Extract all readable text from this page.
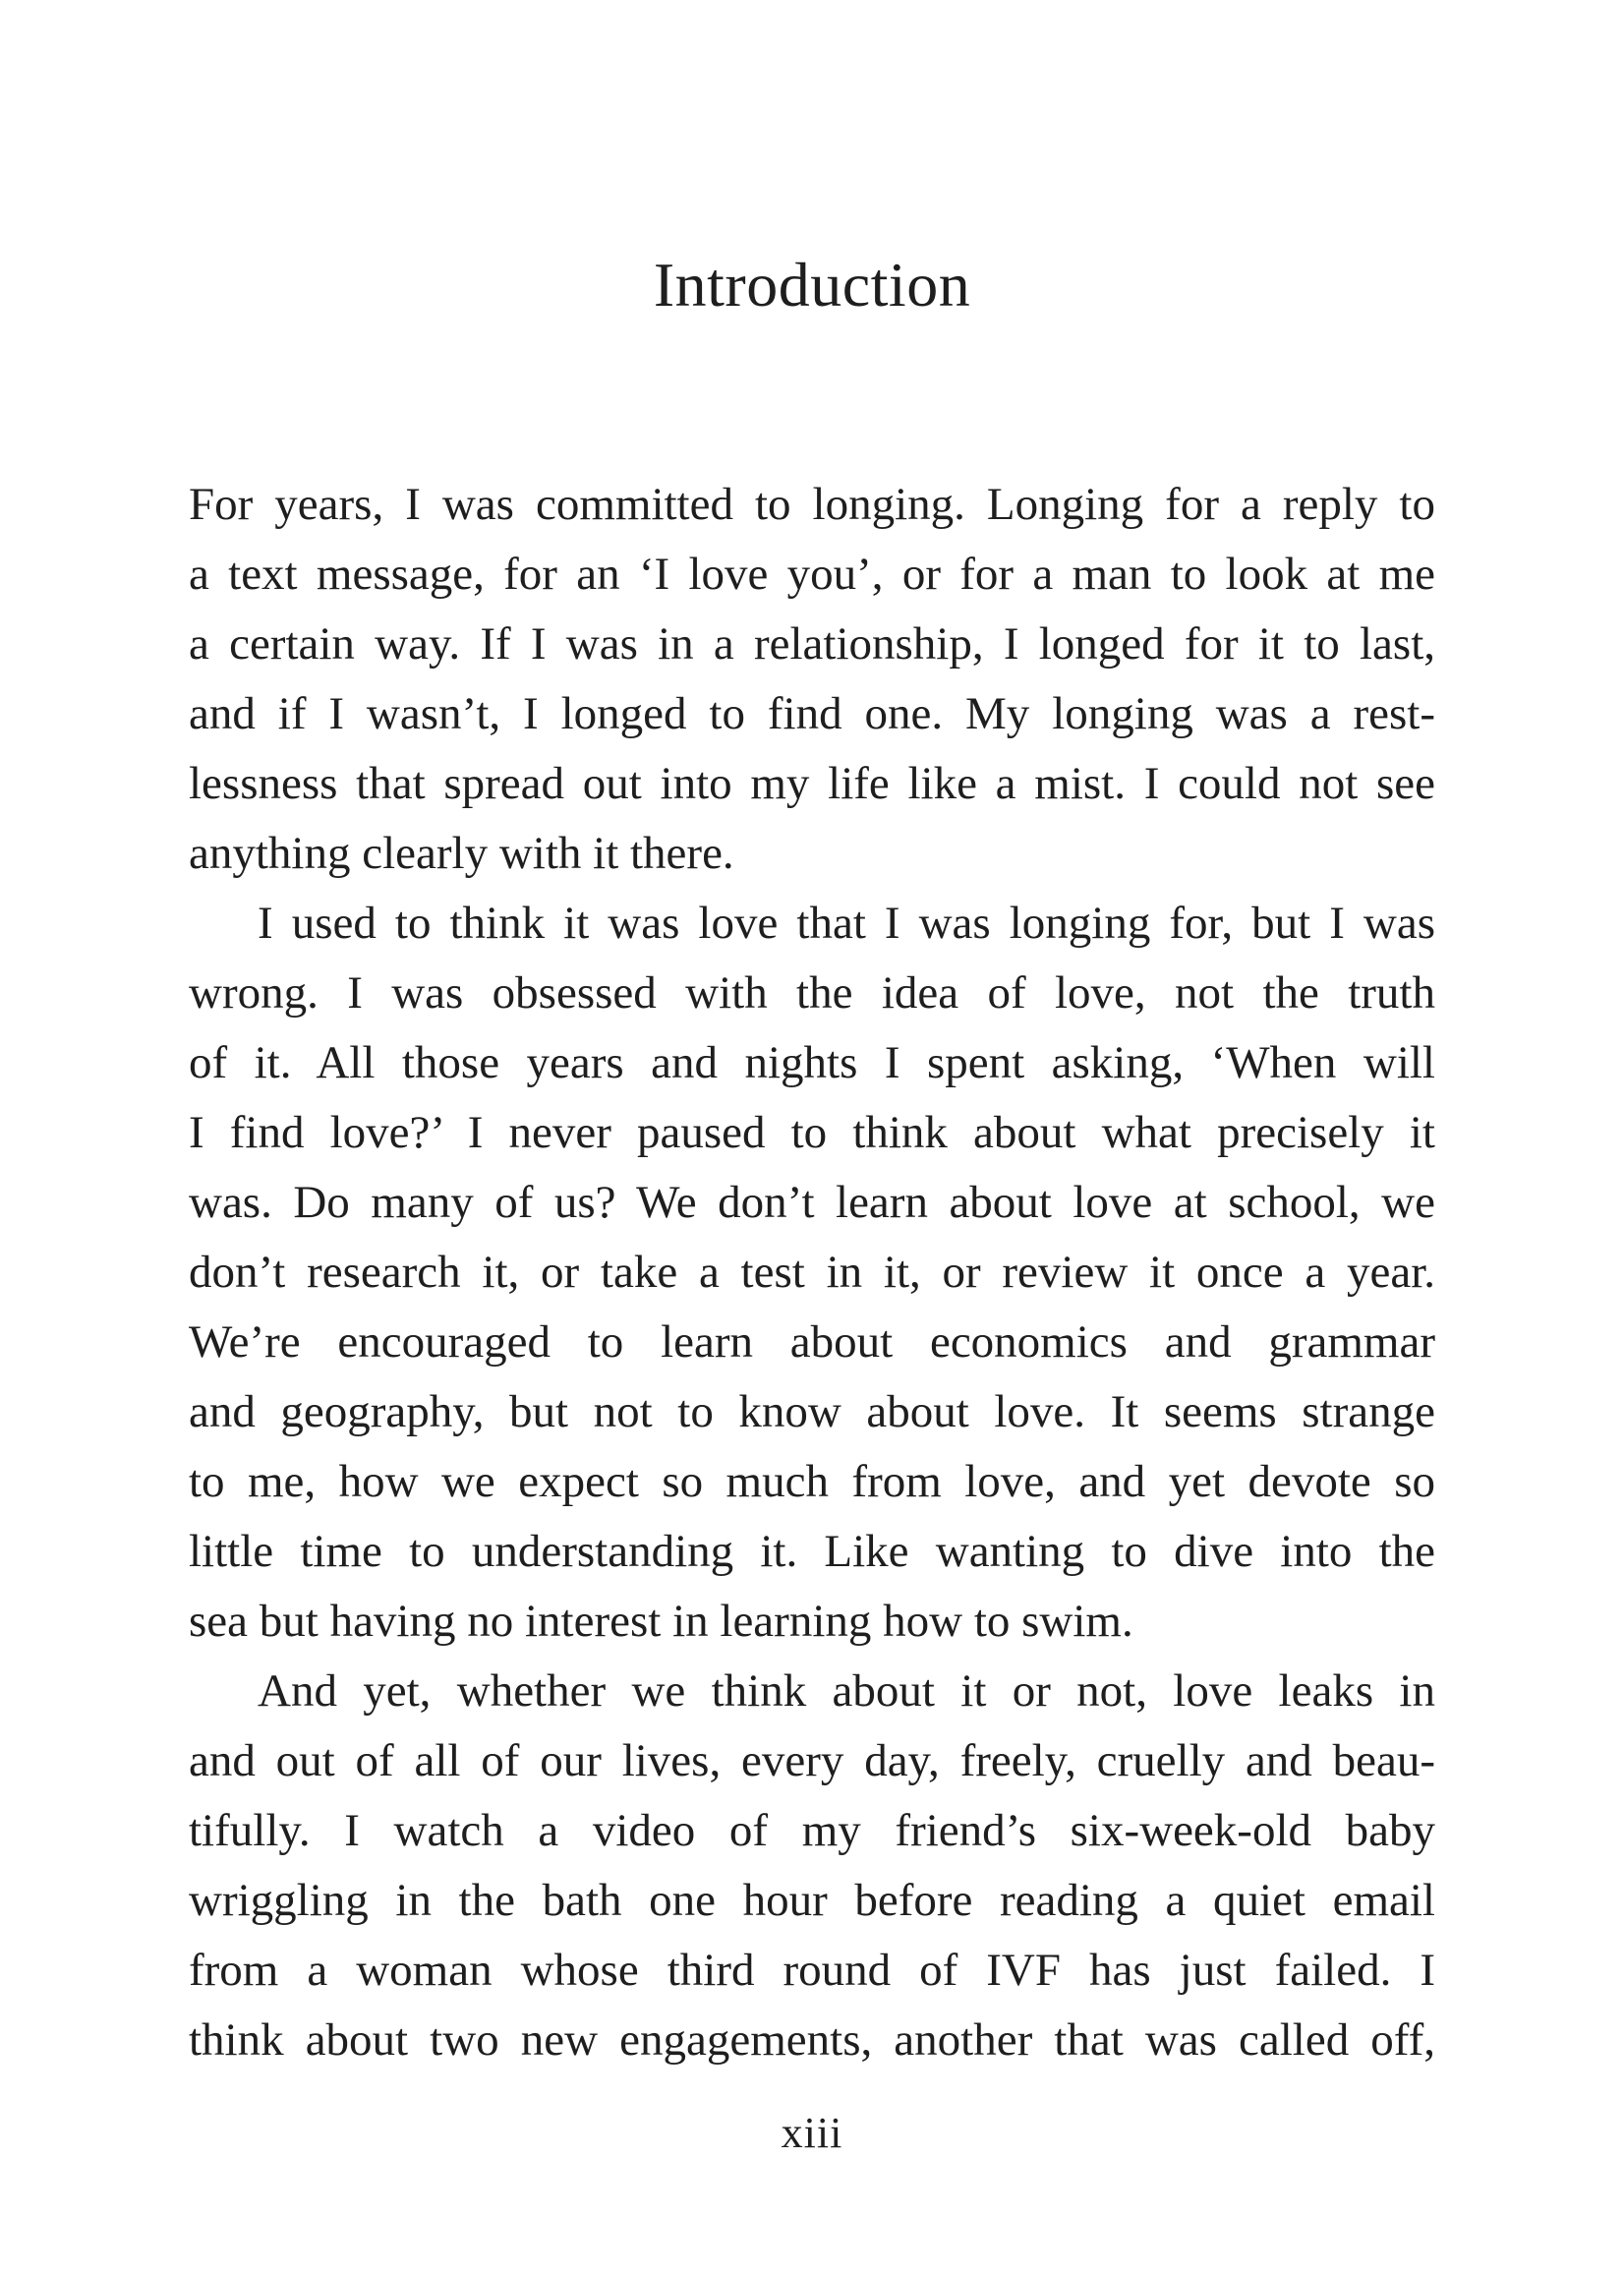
Introduction
For years, I was committed to longing. Longing for a reply to
a text message, for an ‘I love you’, or for a man to look at me
a certain way. If I was in a relationship, I longed for it to last,
and if I wasn’t, I longed to find one. My longing was a rest-
lessness that spread out into my life like a mist. I could not see
anything clearly with it there.
I used to think it was love that I was longing for, but I was
wrong. I was obsessed with the idea of love, not the truth
of it. All those years and nights I spent asking, ‘When will
I find love?’ I never paused to think about what precisely it
was. Do many of us? We don’t learn about love at school, we
don’t research it, or take a test in it, or review it once a year.
We’re encouraged to learn about economics and grammar
and geography, but not to know about love. It seems strange
to me, how we expect so much from love, and yet devote so
little time to understanding it. Like wanting to dive into the
sea but having no interest in learning how to swim.
And yet, whether we think about it or not, love leaks in
and out of all of our lives, every day, freely, cruelly and beau-
tifully. I watch a video of my friend’s six-week-old baby
wriggling in the bath one hour before reading a quiet email
from a woman whose third round of IVF has just failed. I
think about two new engagements, another that was called off,
xiii
